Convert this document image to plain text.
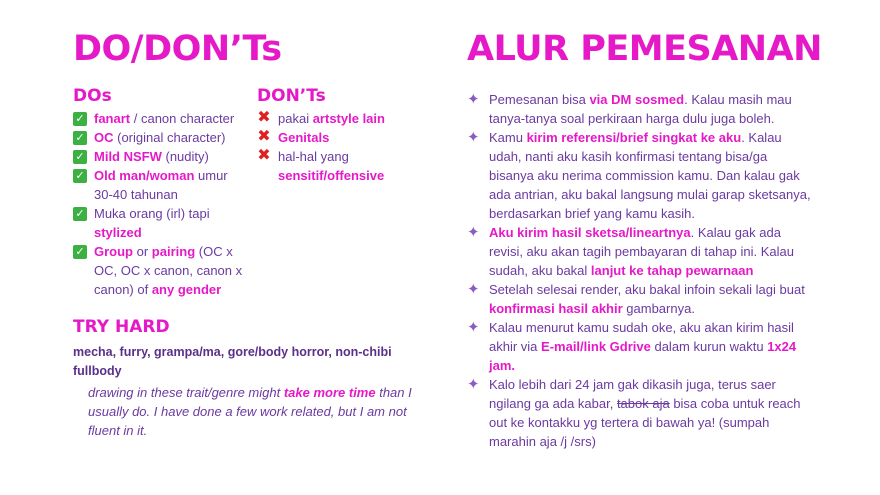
DO/DON’Ts
DOs
✓ fanart / canon character
✓ OC (original character)
✓ Mild NSFW (nudity)
✓ Old man/woman umur 30-40 tahunan
✓ Muka orang (irl) tapi stylized
✓ Group or pairing (OC x OC, OC x canon, canon x canon) of any gender
DON’Ts
✖ pakai artstyle lain
✖ Genitals
✖ hal-hal yang sensitif/offensive
TRY HARD
mecha, furry, grampa/ma, gore/body horror, non-chibi fullbody
drawing in these trait/genre might take more time than I usually do. I have done a few work related, but I am not fluent in it.
ALUR PEMESANAN
✦ Pemesanan bisa via DM sosmed. Kalau masih mau tanya-tanya soal perkiraan harga dulu juga boleh.
✦ Kamu kirim referensi/brief singkat ke aku. Kalau udah, nanti aku kasih konfirmasi tentang bisa/ga bisanya aku nerima commission kamu. Dan kalau gak ada antrian, aku bakal langsung mulai garap sketsanya, berdasarkan brief yang kamu kasih.
✦ Aku kirim hasil sketsa/lineartnya. Kalau gak ada revisi, aku akan tagih pembayaran di tahap ini. Kalau sudah, aku bakal lanjut ke tahap pewarnaan
✦ Setelah selesai render, aku bakal infoin sekali lagi buat konfirmasi hasil akhir gambarnya.
✦ Kalau menurut kamu sudah oke, aku akan kirim hasil akhir via E-mail/link Gdrive dalam kurun waktu 1x24 jam.
✦ Kalo lebih dari 24 jam gak dikasih juga, terus saer ngilang ga ada kabar, tabok aja bisa coba untuk reach out ke kontakku yg tertera di bawah ya! (sumpah marahin aja /j /srs)
